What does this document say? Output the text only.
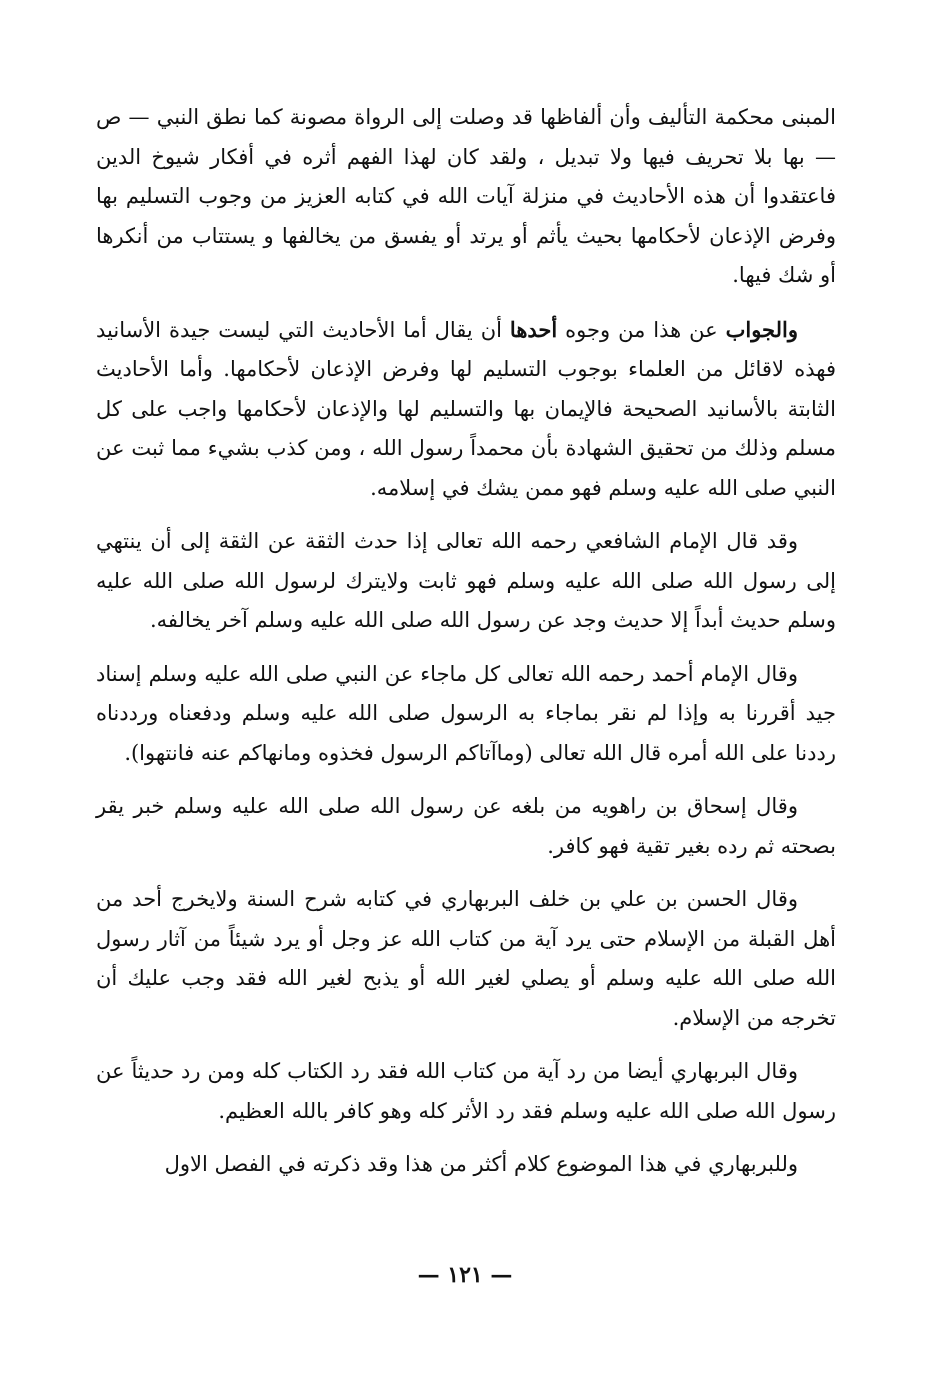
المبنى محكمة التأليف وأن ألفاظها قد وصلت إلى الرواة مصونة كما نطق النبي — ص — بها بلا تحريف فيها ولا تبديل ، ولقد كان لهذا الفهم أثره في أفكار شيوخ الدين فاعتقدوا أن هذه الأحاديث في منزلة آيات الله في كتابه العزيز من وجوب التسليم بها وفرض الإذعان لأحكامها بحيث يأثم أو يرتد أو يفسق من يخالفها و يستتاب من أنكرها أو شك فيها.

والجواب عن هذا من وجوه أحدها أن يقال أما الأحاديث التي ليست جيدة الأسانيد فهذه لاقائل من العلماء بوجوب التسليم لها وفرض الإذعان لأحكامها. وأما الأحاديث الثابتة بالأسانيد الصحيحة فالإيمان بها والتسليم لها والإذعان لأحكامها واجب على كل مسلم وذلك من تحقيق الشهادة بأن محمداً رسول الله ، ومن كذب بشيء مما ثبت عن النبي صلى الله عليه وسلم فهو ممن يشك في إسلامه.

وقد قال الإمام الشافعي رحمه الله تعالى إذا حدث الثقة عن الثقة إلى أن ينتهي إلى رسول الله صلى الله عليه وسلم فهو ثابت ولايترك لرسول الله صلى الله عليه وسلم حديث أبداً إلا حديث وجد عن رسول الله صلى الله عليه وسلم آخر يخالفه.

وقال الإمام أحمد رحمه الله تعالى كل ماجاء عن النبي صلى الله عليه وسلم إسناد جيد أقررنا به وإذا لم نقر بماجاء به الرسول صلى الله عليه وسلم ودفعناه ورددناه رددنا على الله أمره قال الله تعالى (وماآتاكم الرسول فخذوه ومانهاكم عنه فانتهوا).

وقال إسحاق بن راهويه من بلغه عن رسول الله صلى الله عليه وسلم خبر يقر بصحته ثم رده بغير تقية فهو كافر.

وقال الحسن بن علي بن خلف البربهاري في كتابه شرح السنة ولايخرج أحد من أهل القبلة من الإسلام حتى يرد آية من كتاب الله عز وجل أو يرد شيئاً من آثار رسول الله صلى الله عليه وسلم أو يصلي لغير الله أو يذبح لغير الله فقد وجب عليك أن تخرجه من الإسلام.

وقال البربهاري أيضا من رد آية من كتاب الله فقد رد الكتاب كله ومن رد حديثاً عن رسول الله صلى الله عليه وسلم فقد رد الأثر كله وهو كافر بالله العظيم.

وللبربهاري في هذا الموضوع كلام أكثر من هذا وقد ذكرته في الفصل الاول

— ١٢١ —
